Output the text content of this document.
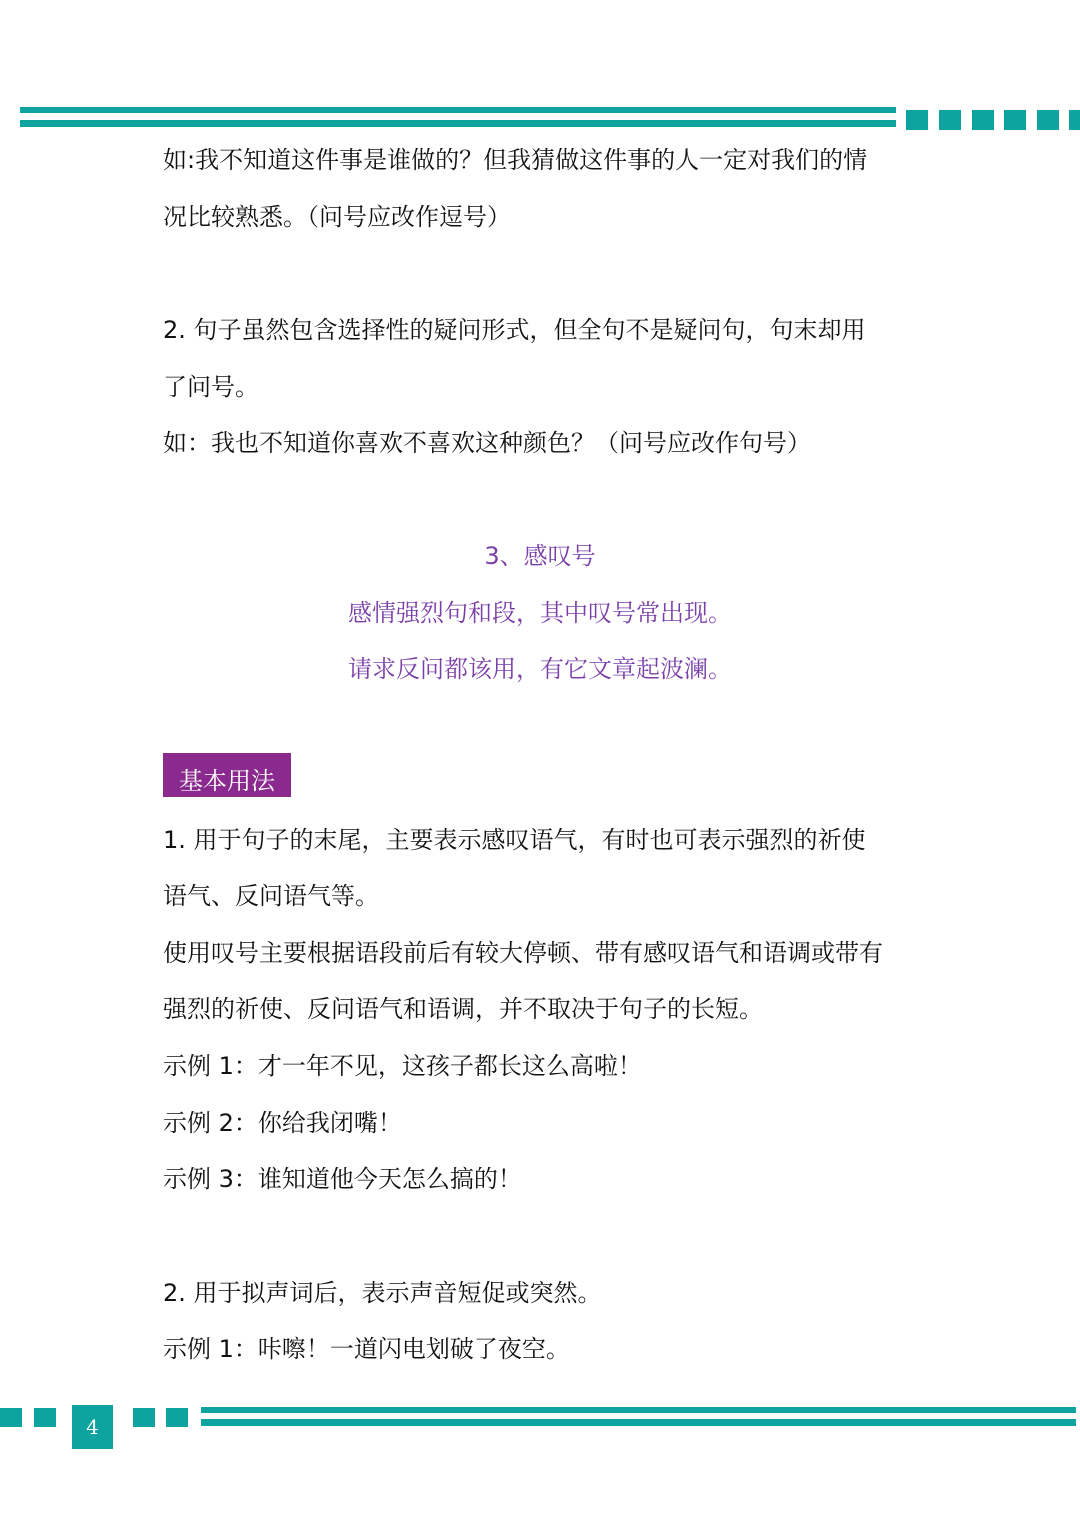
如:我不知道这件事是谁做的？但我猜做这件事的人一定对我们的情
况比较熟悉。（问号应改作逗号）
2. 句子虽然包含选择性的疑问形式，但全句不是疑问句，句末却用
了问号。
如：我也不知道你喜欢不喜欢这种颜色？（问号应改作句号）
3、感叹号
感情强烈句和段，其中叹号常出现。
请求反问都该用，有它文章起波澜。
基本用法
1. 用于句子的末尾，主要表示感叹语气，有时也可表示强烈的祈使
语气、反问语气等。
使用叹号主要根据语段前后有较大停顿、带有感叹语气和语调或带有
强烈的祈使、反问语气和语调，并不取决于句子的长短。
示例 1：才一年不见，这孩子都长这么高啦！
示例 2：你给我闭嘴！
示例 3：谁知道他今天怎么搞的！
2. 用于拟声词后，表示声音短促或突然。
示例 1：咔嚓！一道闪电划破了夜空。
4
